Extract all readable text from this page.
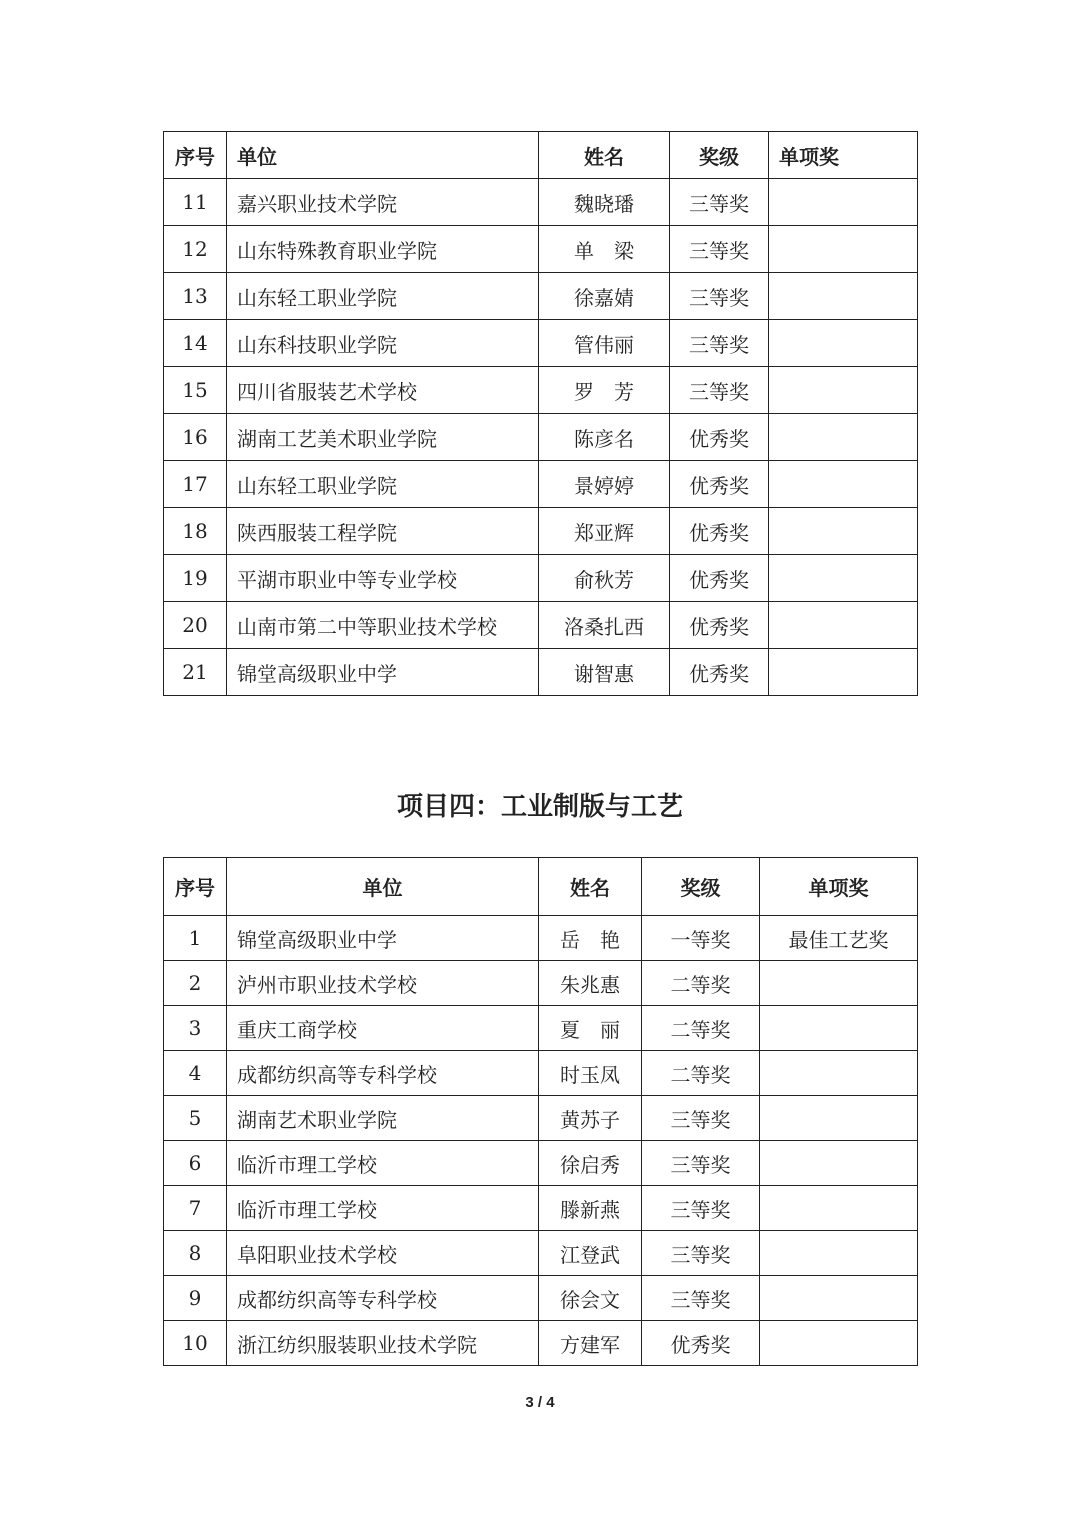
序号	单位	姓名	奖级	单项奖
11	嘉兴职业技术学院	魏晓璠	三等奖	
12	山东特殊教育职业学院	单　梁	三等奖	
13	山东轻工职业学院	徐嘉婧	三等奖	
14	山东科技职业学院	管伟丽	三等奖	
15	四川省服装艺术学校	罗　芳	三等奖	
16	湖南工艺美术职业学院	陈彦名	优秀奖	
17	山东轻工职业学院	景婷婷	优秀奖	
18	陕西服装工程学院	郑亚辉	优秀奖	
19	平湖市职业中等专业学校	俞秋芳	优秀奖	
20	山南市第二中等职业技术学校	洛桑扎西	优秀奖	
21	锦堂高级职业中学	谢智惠	优秀奖	
项目四：工业制版与工艺
序号	单位	姓名	奖级	单项奖
1	锦堂高级职业中学	岳　艳	一等奖	最佳工艺奖
2	泸州市职业技术学校	朱兆惠	二等奖	
3	重庆工商学校	夏　丽	二等奖	
4	成都纺织高等专科学校	时玉凤	二等奖	
5	湖南艺术职业学院	黄苏子	三等奖	
6	临沂市理工学校	徐启秀	三等奖	
7	临沂市理工学校	滕新燕	三等奖	
8	阜阳职业技术学校	江登武	三等奖	
9	成都纺织高等专科学校	徐会文	三等奖	
10	浙江纺织服装职业技术学院	方建军	优秀奖	
3 / 4
